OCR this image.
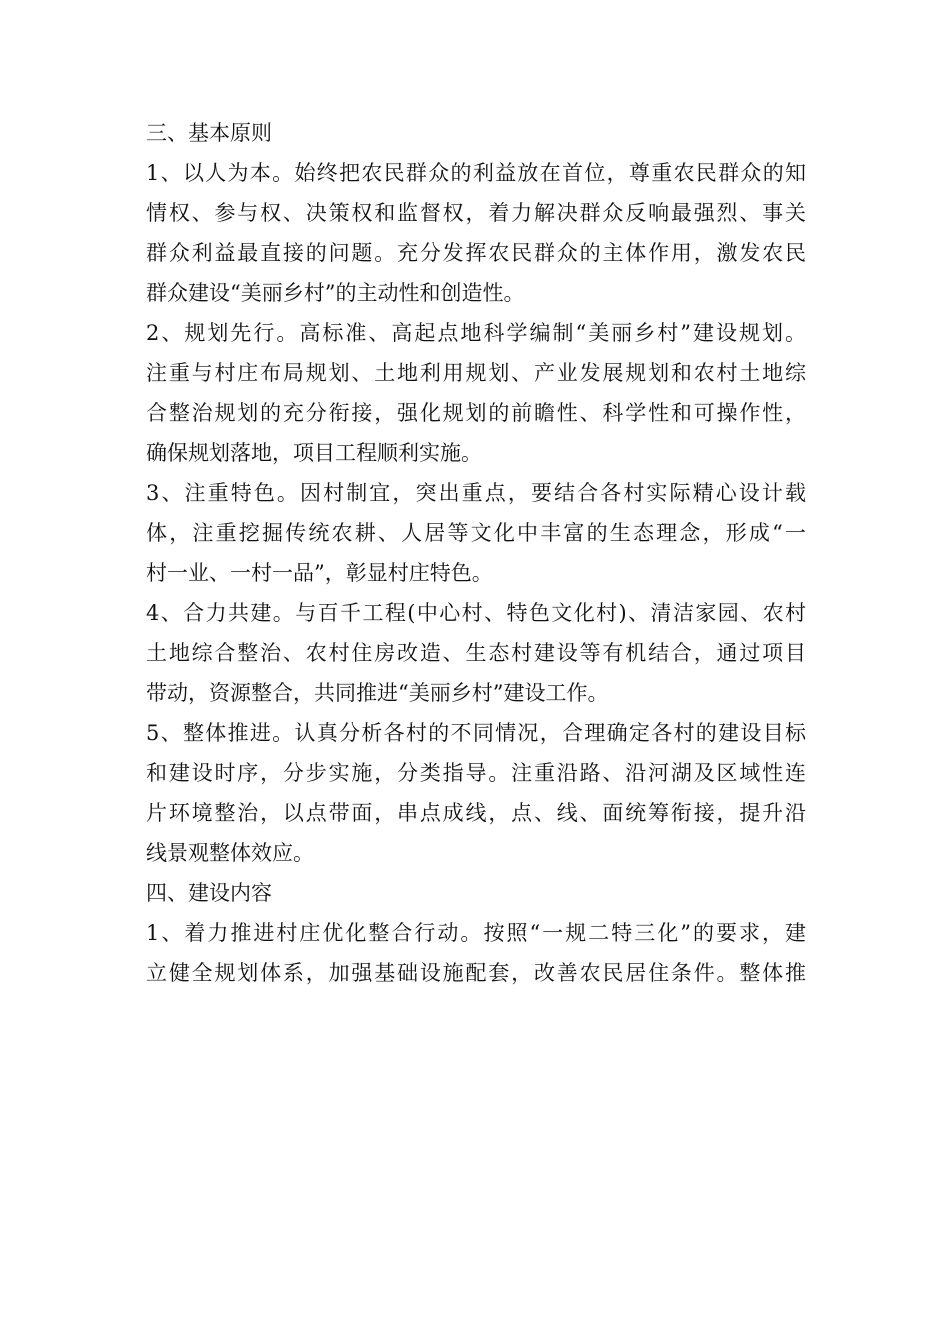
三、基本原则
1、以人为本。始终把农民群众的利益放在首位，尊重农民群众的知
情权、参与权、决策权和监督权，着力解决群众反响最强烈、事关
群众利益最直接的问题。充分发挥农民群众的主体作用，激发农民
群众建设“美丽乡村”的主动性和创造性。
2、规划先行。高标准、高起点地科学编制“美丽乡村”建设规划。
注重与村庄布局规划、土地利用规划、产业发展规划和农村土地综
合整治规划的充分衔接，强化规划的前瞻性、科学性和可操作性，
确保规划落地，项目工程顺利实施。
3、注重特色。因村制宜，突出重点，要结合各村实际精心设计载
体，注重挖掘传统农耕、人居等文化中丰富的生态理念，形成“一
村一业、一村一品”，彰显村庄特色。
4、合力共建。与百千工程(中心村、特色文化村)、清洁家园、农村
土地综合整治、农村住房改造、生态村建设等有机结合，通过项目
带动，资源整合，共同推进“美丽乡村”建设工作。
5、整体推进。认真分析各村的不同情况，合理确定各村的建设目标
和建设时序，分步实施，分类指导。注重沿路、沿河湖及区域性连
片环境整治，以点带面，串点成线，点、线、面统筹衔接，提升沿
线景观整体效应。
四、建设内容
1、着力推进村庄优化整合行动。按照“一规二特三化”的要求，建
立健全规划体系，加强基础设施配套，改善农民居住条件。整体推
